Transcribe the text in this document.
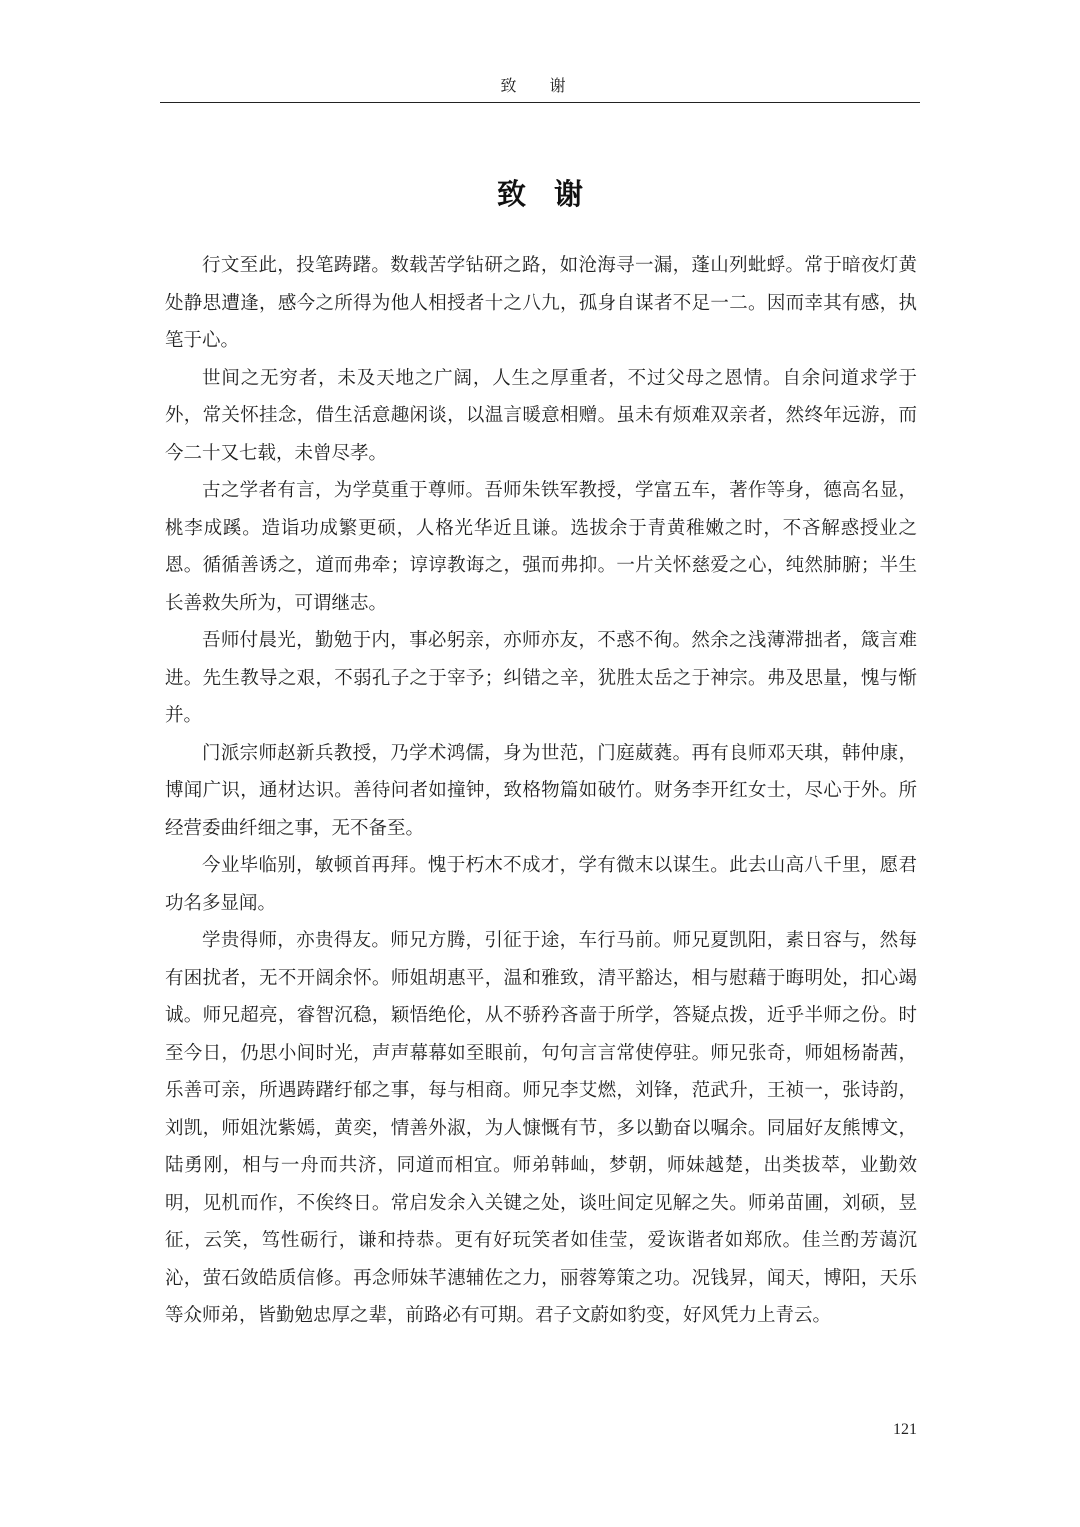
致 谢
致谢

行文至此，投笔踌躇。数载苦学钻研之路，如沧海寻一漏，蓬山列蚍蜉。常于暗夜灯黄处静思遭逢，感今之所得为他人相授者十之八九，孤身自谋者不足一二。因而幸其有感，执笔于心。

世间之无穷者，未及天地之广阔，人生之厚重者，不过父母之恩情。自余问道求学于外，常关怀挂念，借生活意趣闲谈，以温言暖意相赠。虽未有烦难双亲者，然终年远游，而今二十又七载，未曾尽孝。

古之学者有言，为学莫重于尊师。吾师朱铁军教授，学富五车，著作等身，德高名显，桃李成蹊。造诣功成繁更硕，人格光华近且谦。选拔余于青黄稚嫩之时，不吝解惑授业之恩。循循善诱之，道而弗牵；谆谆教诲之，强而弗抑。一片关怀慈爱之心，纯然肺腑；半生长善救失所为，可谓继志。

吾师付晨光，勤勉于内，事必躬亲，亦师亦友，不惑不徇。然余之浅薄滞拙者，箴言难进。先生教导之艰，不弱孔子之于宰予；纠错之辛，犹胜太岳之于神宗。弗及思量，愧与惭并。

门派宗师赵新兵教授，乃学术鸿儒，身为世范，门庭葳蕤。再有良师邓天琪，韩仲康，博闻广识，通材达识。善待问者如撞钟，致格物篇如破竹。财务李开红女士，尽心于外。所经营委曲纤细之事，无不备至。

今业毕临别，敏顿首再拜。愧于朽木不成才，学有微末以谋生。此去山高八千里，愿君功名多显闻。

学贵得师，亦贵得友。师兄方腾，引征于途，车行马前。师兄夏凯阳，素日容与，然每有困扰者，无不开阔余怀。师姐胡惠平，温和雅致，清平豁达，相与慰藉于晦明处，扣心竭诚。师兄超亮，睿智沉稳，颖悟绝伦，从不骄矜吝啬于所学，答疑点拨，近乎半师之份。时至今日，仍思小间时光，声声幕幕如至眼前，句句言言常使停驻。师兄张奇，师姐杨嵛茜，乐善可亲，所遇踌躇纡郁之事，每与相商。师兄李艾燃，刘锋，范武升，王祯一，张诗韵，刘凯，师姐沈紫嫣，黄奕，情善外淑，为人慷慨有节，多以勤奋以嘱余。同届好友熊博文，陆勇刚，相与一舟而共济，同道而相宜。师弟韩屾，梦朝，师妹越楚，出类拔萃，业勤效明，见机而作，不俟终日。常启发余入关键之处，谈吐间定见解之失。师弟苗圃，刘硕，昱征，云笑，笃性砺行，谦和持恭。更有好玩笑者如佳莹，爱诙谐者如郑欣。佳兰酌芳蔼沉沁，萤石敛皓质信修。再念师妹芊潓辅佐之力，丽蓉筹策之功。况钱昇，闻天，博阳，天乐等众师弟，皆勤勉忠厚之辈，前路必有可期。君子文蔚如豹变，好风凭力上青云。

121
